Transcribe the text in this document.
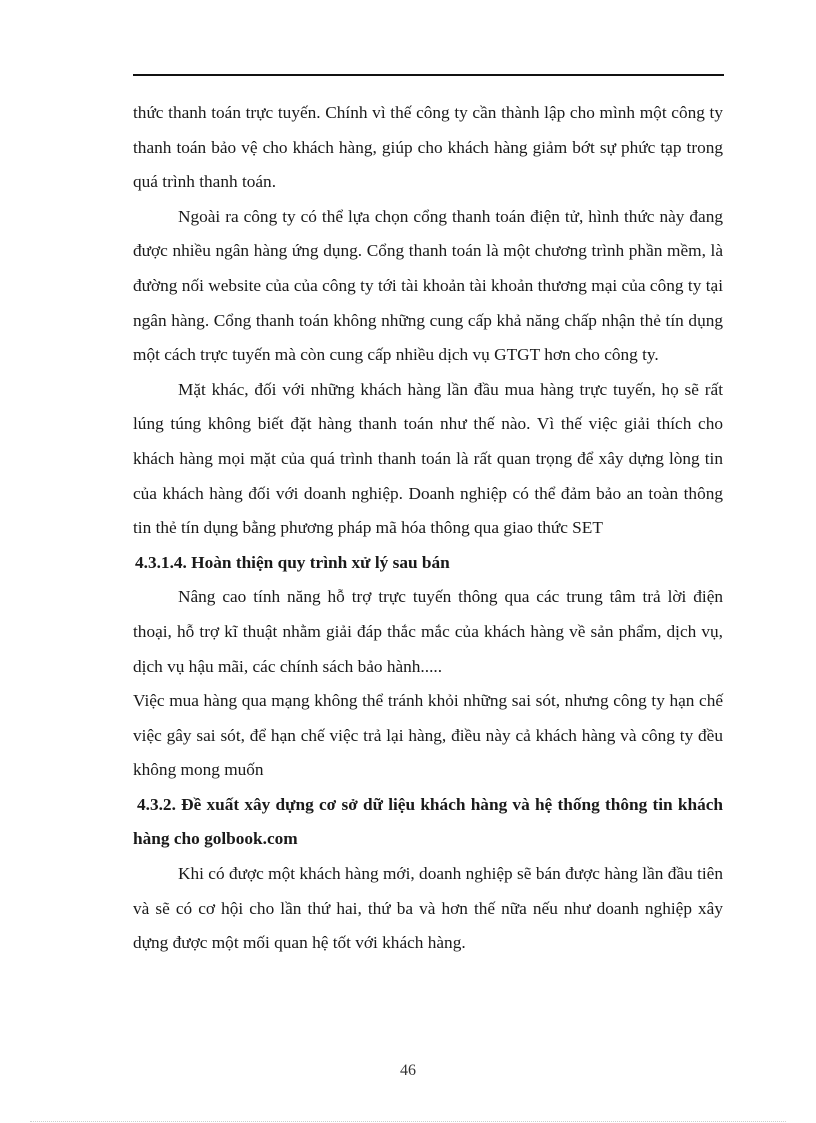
thức thanh toán trực tuyến. Chính vì thế công ty cần thành lập cho mình một công ty thanh toán bảo vệ cho khách hàng, giúp cho khách hàng giảm bớt sự phức tạp trong quá trình thanh toán.

Ngoài ra công ty có thể lựa chọn cổng thanh toán điện tử, hình thức này đang được nhiều ngân hàng ứng dụng. Cổng thanh toán là một chương trình phần mềm, là đường nối website của của công ty tới tài khoản tài khoản thương mại của công ty tại ngân hàng. Cổng thanh toán không những cung cấp khả năng chấp nhận thẻ tín dụng một cách trực tuyến mà còn cung cấp nhiều dịch vụ GTGT hơn cho công ty.

Mặt khác, đối với những khách hàng lần đầu mua hàng trực tuyến, họ sẽ rất lúng túng không biết đặt hàng thanh toán như thế nào. Vì thế việc giải thích cho khách hàng mọi mặt của quá trình thanh toán là rất quan trọng để xây dựng lòng tin của khách hàng đối với doanh nghiệp. Doanh nghiệp có thể đảm bảo an toàn thông tin thẻ tín dụng bằng phương pháp mã hóa thông qua giao thức SET

4.3.1.4. Hoàn thiện quy trình xử lý sau bán

Nâng cao tính năng hỗ trợ trực tuyến thông qua các trung tâm trả lời điện thoại, hỗ trợ kĩ thuật nhằm giải đáp thắc mắc của khách hàng về sản phẩm, dịch vụ, dịch vụ hậu mãi, các chính sách bảo hành.....

Việc mua hàng qua mạng không thể tránh khỏi những sai sót, nhưng công ty hạn chế việc gây sai sót, để hạn chế việc trả lại hàng, điều này cả khách hàng và công ty đều không mong muốn

4.3.2. Đề xuất xây dựng cơ sở dữ liệu khách hàng và hệ thống thông tin khách hàng cho golbook.com

Khi có được một khách hàng mới, doanh nghiệp sẽ bán được hàng lần đầu tiên và sẽ có cơ hội cho lần thứ hai, thứ ba và hơn thế nữa nếu như doanh nghiệp xây dựng được một mối quan hệ tốt với khách hàng.

46
